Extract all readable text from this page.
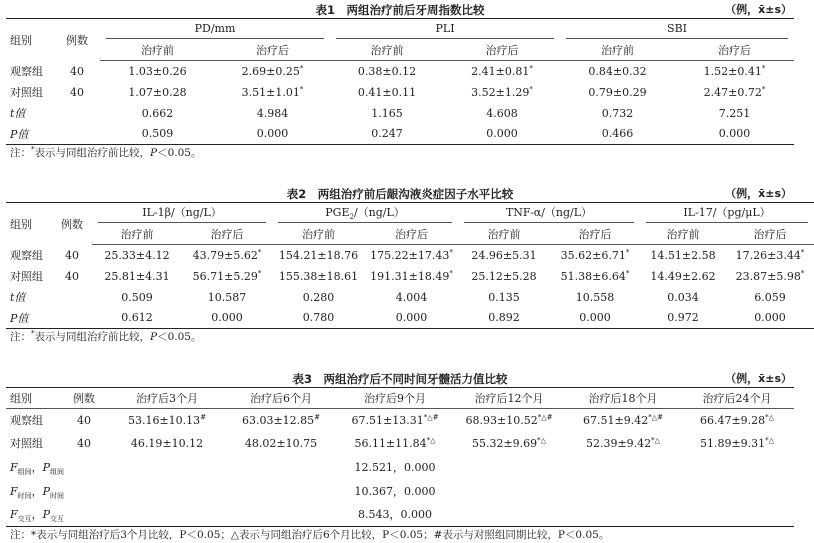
表1　两组治疗前后牙周指数比较	（例，x̄±s）
组别	例数	PD/mm		PLI		SBI	

		治疗前	治疗后	治疗前	治疗后	治疗前	治疗后
观察组	40	1.03±0.26	2.69±0.25*	0.38±0.12	2.41±0.81*	0.84±0.32	1.52±0.41*
对照组	40	1.07±0.28	3.51±1.01*	0.41±0.11	3.52±1.29*	0.79±0.29	2.47±0.72*
t值		0.662	4.984	1.165	4.608	0.732	7.251
P值		0.509	0.000	0.247	0.000	0.466	0.000
注：*表示与同组治疗前比较，P＜0.05。
表2　两组治疗前后龈沟液炎症因子水平比较	（例，x̄±s）
组别	例数	IL-1β/（ng/L）		$PGE_2/(ng/L)$		TNF-α/（ng/L）		IL-17/（pg/μL）	

		治疗前	治疗后	治疗前	治疗后	治疗前	治疗后	治疗前	治疗后
观察组	40	25.33±4.12	43.79±5.62*	154.21±18.76	175.22±17.43*	24.96±5.31	35.62±6.71*	14.51±2.58	17.26±3.44*
对照组	40	25.81±4.31	56.71±5.29*	155.38±18.61	191.31±18.49*	25.12±5.28	51.38±6.64*	14.49±2.62	23.87±5.98*
t值		0.509	10.587	0.280	4.004	0.135	10.558	0.034	6.059
P值		0.612	0.000	0.780	0.000	0.892	0.000	0.972	0.000
注：*表示与同组治疗前比较，P＜0.05。
表3　两组治疗后不同时间牙髓活力值比较	（例，x̄±s）
组别	例数	治疗后3个月	治疗后6个月	治疗后9个月	治疗后12个月	治疗后18个月	治疗后24个月
观察组	40	53.16±10.13#	63.03±12.85#	67.51±13.31*△#	68.93±10.52*△#	67.51±9.42*△#	66.47±9.28*△
对照组	40	46.19±10.12	48.02±10.75	56.11±11.84*△	55.32±9.69*△	52.39±9.42*△	51.89±9.31*△
$F_{组间}$，$P_{组间}$				12.521，0.000			
$F_{时间}$，$P_{时间}$				10.367，0.000			
$F_{交互}$，$P_{交互}$				8.543，0.000			
注：*表示与同组治疗后3个月比较，P＜0.05；△表示与同组治疗后6个月比较，P＜0.05；#表示与对照组同期比较，P＜0.05。
